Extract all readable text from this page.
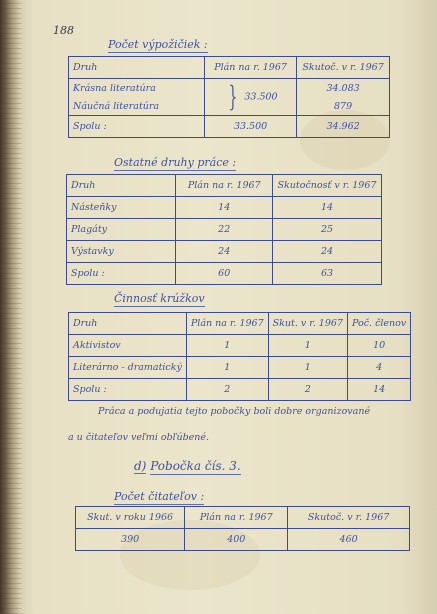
188
Počet výpožičiek :
Druh	Plán na r. 1967	Skutoč. v r. 1967
Krásna literatúra	} 33.500	34.083
Náučná literatúra		879
Spolu :	33.500	34.962
Ostatné druhy práce :
Druh	Plán na r. 1967	Skutočnosť v r. 1967
Násteňky	14	14
Plagáty	22	25
Výstavky	24	24
Spolu :	60	63
Činnosť krúžkov
Druh	Plán na r. 1967	Skut. v r. 1967	Poč. členov
Aktivistov	1	1	10
Literárno - dramatický	1	1	4
Spolu :	2	2	14
Práca a podujatia tejto pobočky boli dobre organizované
a u čitateľov veľmi obľúbené.
d) Pobočka čís. 3.
Počet čitateľov :
Skut. v roku 1966	Plán na r. 1967	Skutoč. v r. 1967
390	400	460
